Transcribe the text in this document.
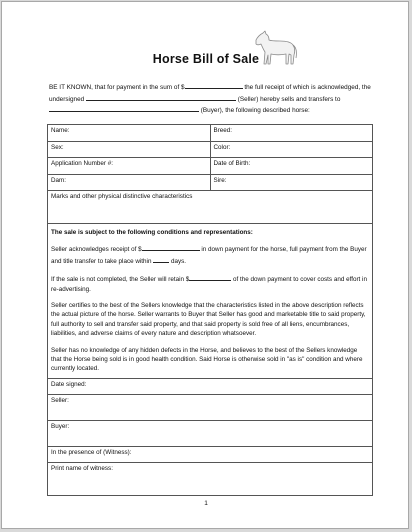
Horse Bill of Sale
BE IT KNOWN, that for payment in the sum of $	the full receipt of which is acknowledged, the undersigned	(Seller) hereby sells and transfers to  (Buyer), the following described horse:
Name:	Breed:
Sex:	Color:
Application Number #:	Date of Birth:
Dam:	Sire:
Marks and other physical distinctive characteristics	

The sale is subject to the following conditions and representations:

Seller acknowledges receipt of $ in down payment for the horse, full payment from the Buyer and title transfer to take place within days.

If the sale is not completed, the Seller will retain $ of the down payment to cover costs and effort in re-advertising.

Seller certifies to the best of the Sellers knowledge that the characteristics listed in the above description reflects the actual picture of the horse. Seller warrants to Buyer that Seller has good and marketable title to said property, full authority to sell and transfer said property, and that said property is sold free of all liens, encumbrances, liabilities, and adverse claims of every nature and description whatsoever.

Seller has no knowledge of any hidden defects in the Horse, and believes to the best of the Sellers knowledge that the Horse being sold is in good health condition. Said Horse is otherwise sold in "as is" condition and where currently located.	

Date signed:	
Seller:	
Buyer:	
In the presence of (Witness):	
Print name of witness:	
1
